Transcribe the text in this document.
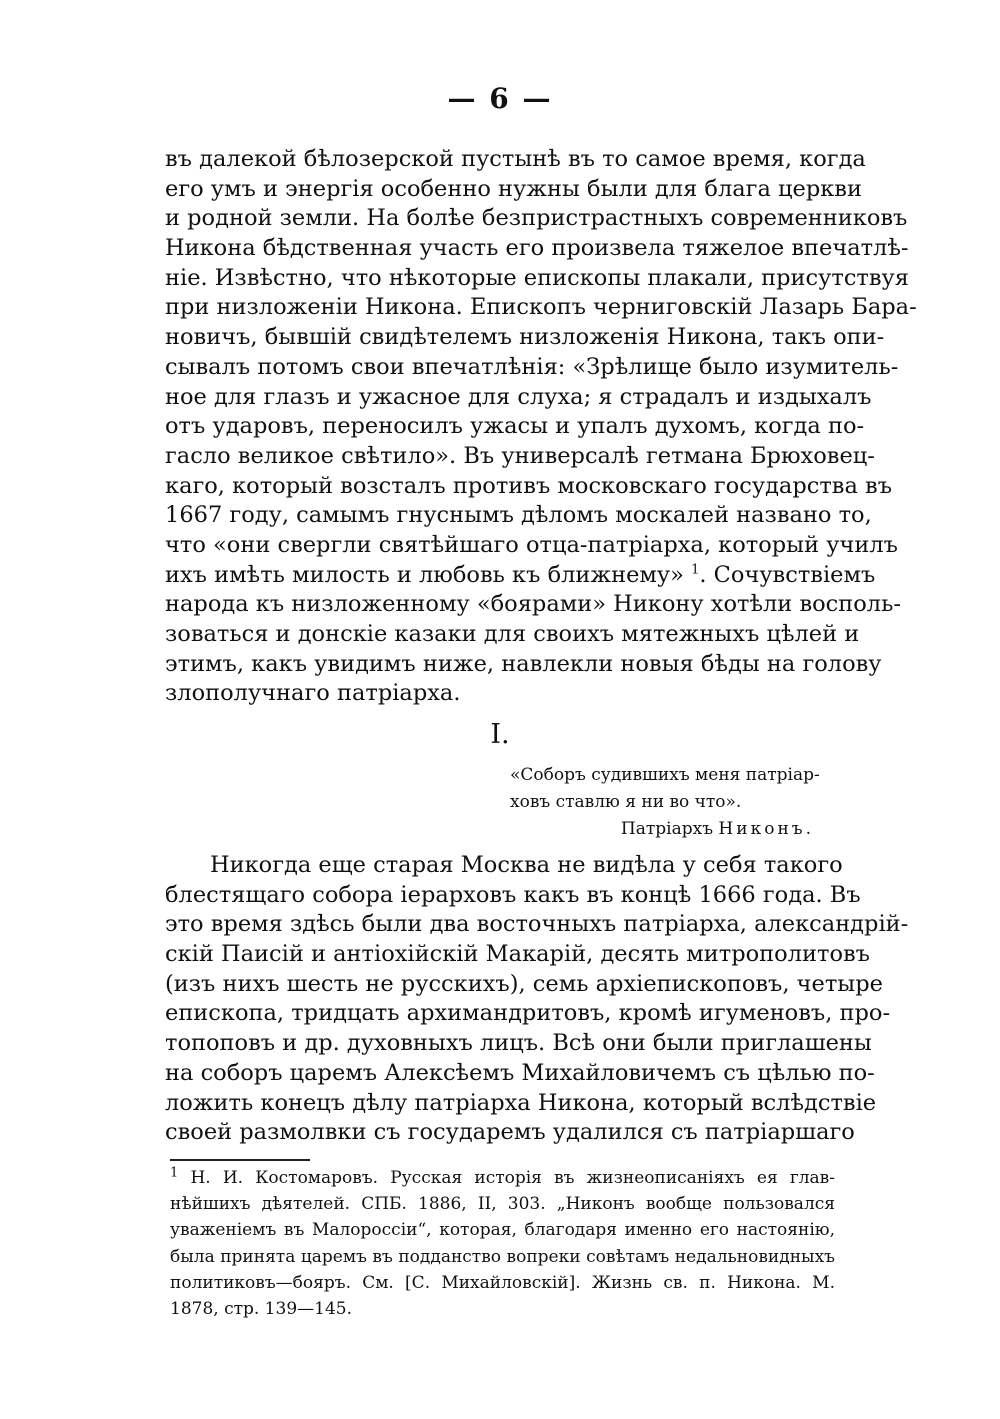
— 6 —
въ далекой бѣлозерской пустынѣ въ то самое время, когда
его умъ и энергія особенно нужны были для блага церкви
и родной земли. На болѣе безпристрастныхъ современниковъ
Никона бѣдственная участь его произвела тяжелое впечатлѣ-
ніе. Извѣстно, что нѣкоторые епископы плакали, присутствуя
при низложеніи Никона. Епископъ черниговскій Лазарь Бара-
новичъ, бывшій свидѣтелемъ низложенія Никона, такъ опи-
сывалъ потомъ свои впечатлѣнія: «Зрѣлище было изумитель-
ное для глазъ и ужасное для слуха; я страдалъ и издыхалъ
отъ ударовъ, переносилъ ужасы и упалъ духомъ, когда по-
гасло великое свѣтило». Въ универсалѣ гетмана Брюховец-
каго, который возсталъ противъ московскаго государства въ
1667 году, самымъ гнуснымъ дѣломъ москалей названо то,
что «они свергли святѣйшаго отца-патріарха, который училъ
ихъ имѣть милость и любовь къ ближнему» $^1$. Сочувствіемъ
народа къ низложенному «боярами» Никону хотѣли восполь-
зоваться и донскіе казаки для своихъ мятежныхъ цѣлей и
этимъ, какъ увидимъ ниже, навлекли новыя бѣды на голову
злополучнаго патріарха.
I.
«Соборъ судившихъ меня патріар-
ховъ ставлю я ни во что».
Патріархъ Никонъ.
Никогда еще старая Москва не видѣла у себя такого
блестящаго собора іерарховъ какъ въ концѣ 1666 года. Въ
это время здѣсь были два восточныхъ патріарха, александрій-
скій Паисій и антіохійскій Макарій, десять митрополитовъ
(изъ нихъ шесть не русскихъ), семь архіепископовъ, четыре
епископа, тридцать архимандритовъ, кромѣ игуменовъ, про-
топоповъ и др. духовныхъ лицъ. Всѣ они были приглашены
на соборъ царемъ Алексѣемъ Михайловичемъ съ цѣлью по-
ложить конецъ дѣлу патріарха Никона, который вслѣдствіе
своей размолвки съ государемъ удалился съ патріаршаго
$^1$ Н. И. Костомаровъ. Русская исторія въ жизнеописаніяхъ ея глав-
нѣйшихъ дѣятелей. СПБ. 1886, II, 303. „Никонъ вообще пользовался
уваженіемъ въ Малороссіи“, которая, благодаря именно его настоянію,
была принята царемъ въ подданство вопреки совѣтамъ недальновидныхъ
политиковъ—бояръ. См. [С. Михайловскій]. Жизнь св. п. Никона. М.
1878, стр. 139—145.
